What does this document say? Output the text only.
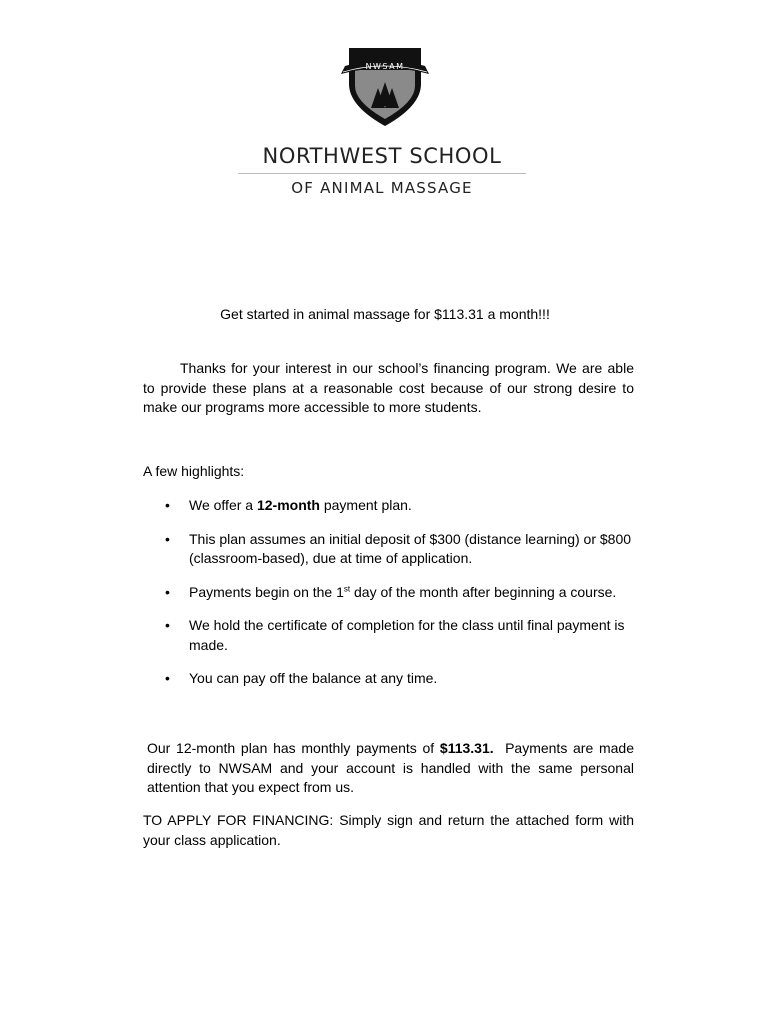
NWSAM
NORTHWEST SCHOOL
OF ANIMAL MASSAGE
Get started in animal massage for $113.31 a month!!!
Thanks for your interest in our school’s financing program. We are able to provide these plans at a reasonable cost because of our strong desire to make our programs more accessible to more students.
A few highlights:
• We offer a 12-month payment plan.
• This plan assumes an initial deposit of $300 (distance learning) or $800 (classroom-based), due at time of application.
• Payments begin on the 1st day of the month after beginning a course.
• We hold the certificate of completion for the class until final payment is made.
• You can pay off the balance at any time.
Our 12-month plan has monthly payments of $113.31.  Payments are made directly to NWSAM and your account is handled with the same personal attention that you expect from us.
TO APPLY FOR FINANCING: Simply sign and return the attached form with your class application.
